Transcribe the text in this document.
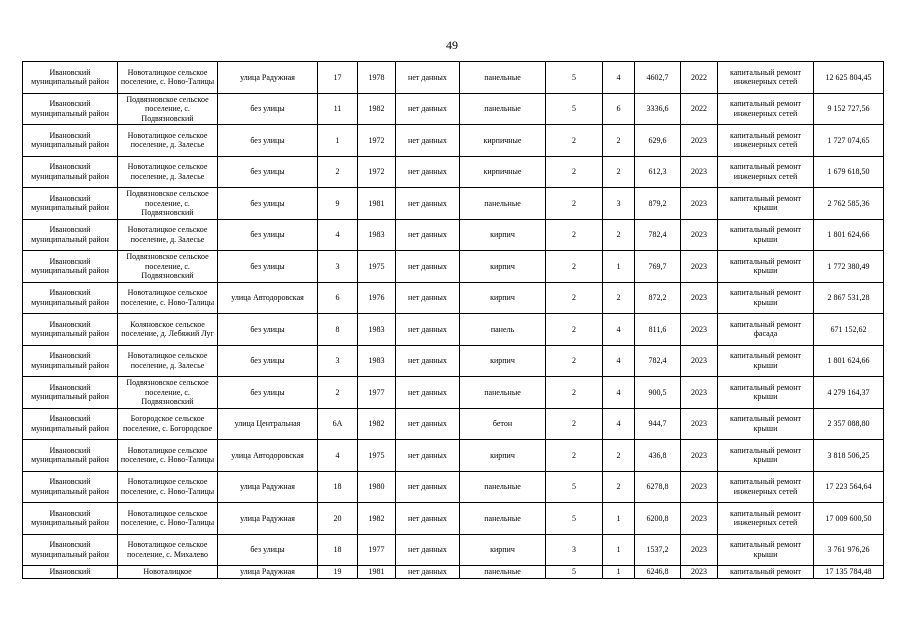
49
Ивановский муниципальный район	Новоталицкое сельское поселение, с. Ново-Талицы	улица Радужная	17	1978	нет данных	панельные	5	4	4602,7	2022	капитальный ремонт инженерных сетей	12 625 804,45
Ивановский муниципальный район	Подвязновское сельское поселение, с. Подвязновский	без улицы	11	1982	нет данных	панельные	5	6	3336,6	2022	капитальный ремонт инженерных сетей	9 152 727,56
Ивановский муниципальный район	Новоталицкое сельское поселение, д. Залесье	без улицы	1	1972	нет данных	кирпичные	2	2	629,6	2023	капитальный ремонт инженерных сетей	1 727 074,65
Ивановский муниципальный район	Новоталицкое сельское поселение, д. Залесье	без улицы	2	1972	нет данных	кирпичные	2	2	612,3	2023	капитальный ремонт инженерных сетей	1 679 618,50
Ивановский муниципальный район	Подвязновское сельское поселение, с. Подвязновский	без улицы	9	1981	нет данных	панельные	2	3	879,2	2023	капитальный ремонт крыши	2 762 585,36
Ивановский муниципальный район	Новоталицкое сельское поселение, д. Залесье	без улицы	4	1983	нет данных	кирпич	2	2	782,4	2023	капитальный ремонт крыши	1 801 624,66
Ивановский муниципальный район	Подвязновское сельское поселение, с. Подвязновский	без улицы	3	1975	нет данных	кирпич	2	1	769,7	2023	капитальный ремонт крыши	1 772 380,49
Ивановский муниципальный район	Новоталицкое сельское поселение, с. Ново-Талицы	улица Автодоровская	6	1976	нет данных	кирпич	2	2	872,2	2023	капитальный ремонт крыши	2 867 531,28
Ивановский муниципальный район	Коляновское сельское поселение, д. Лебяжий Луг	без улицы	8	1983	нет данных	панель	2	4	811,6	2023	капитальный ремонт фасада	671 152,62
Ивановский муниципальный район	Новоталицкое сельское поселение, д. Залесье	без улицы	3	1983	нет данных	кирпич	2	4	782,4	2023	капитальный ремонт крыши	1 801 624,66
Ивановский муниципальный район	Подвязновское сельское поселение, с. Подвязновский	без улицы	2	1977	нет данных	панельные	2	4	900,5	2023	капитальный ремонт крыши	4 279 164,37
Ивановский муниципальный район	Богородское сельское поселение, с. Богородское	улица Центральная	6А	1982	нет данных	бетон	2	4	944,7	2023	капитальный ремонт крыши	2 357 088,80
Ивановский муниципальный район	Новоталицкое сельское поселение, с. Ново-Талицы	улица Автодоровская	4	1975	нет данных	кирпич	2	2	436,8	2023	капитальный ремонт крыши	3 818 506,25
Ивановский муниципальный район	Новоталицкое сельское поселение, с. Ново-Талицы	улица Радужная	18	1980	нет данных	панельные	5	2	6278,8	2023	капитальный ремонт инженерных сетей	17 223 564,64
Ивановский муниципальный район	Новоталицкое сельское поселение, с. Ново-Талицы	улица Радужная	20	1982	нет данных	панельные	5	1	6200,8	2023	капитальный ремонт инженерных сетей	17 009 600,50
Ивановский муниципальный район	Новоталицкое сельское поселение, с. Михалево	без улицы	18	1977	нет данных	кирпич	3	1	1537,2	2023	капитальный ремонт крыши	3 761 976,26
Ивановский	Новоталицкое	улица Радужная	19	1981	нет данных	панельные	5	1	6246,8	2023	капитальный ремонт	17 135 784,48
